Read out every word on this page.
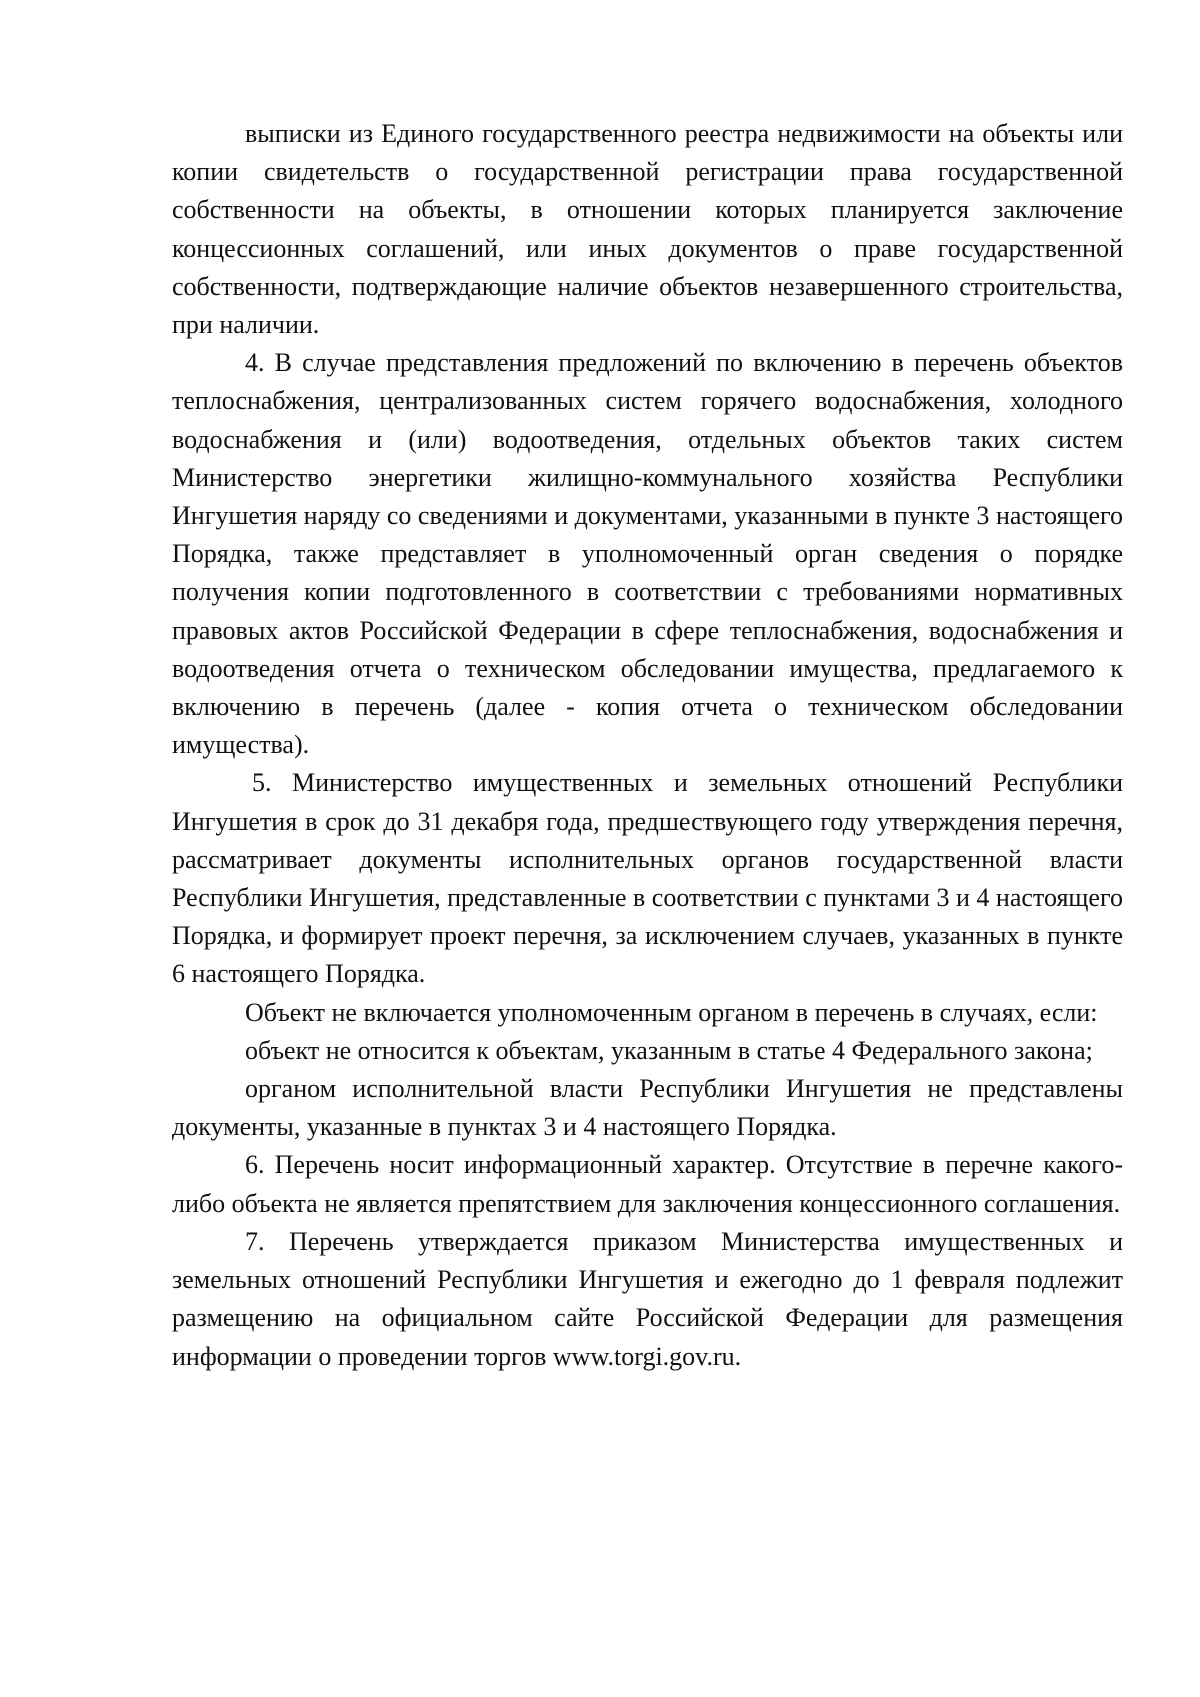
выписки из Единого государственного реестра недвижимости на объекты или копии свидетельств о государственной регистрации права государственной собственности на объекты, в отношении которых планируется заключение концессионных соглашений, или иных документов о праве государственной собственности, подтверждающие наличие объектов незавершенного строительства, при наличии.

4. В случае представления предложений по включению в перечень объектов теплоснабжения, централизованных систем горячего водоснабжения, холодного водоснабжения и (или) водоотведения, отдельных объектов таких систем Министерство энергетики жилищно-коммунального хозяйства Республики Ингушетия наряду со сведениями и документами, указанными в пункте 3 настоящего Порядка, также представляет в уполномоченный орган сведения о порядке получения копии подготовленного в соответствии с требованиями нормативных правовых актов Российской Федерации в сфере теплоснабжения, водоснабжения и водоотведения отчета о техническом обследовании имущества, предлагаемого к включению в перечень (далее - копия отчета о техническом обследовании имущества).

5. Министерство имущественных и земельных отношений Республики Ингушетия в срок до 31 декабря года, предшествующего году утверждения перечня, рассматривает документы исполнительных органов государственной власти Республики Ингушетия, представленные в соответствии с пунктами 3 и 4 настоящего Порядка, и формирует проект перечня, за исключением случаев, указанных в пункте 6 настоящего Порядка.

Объект не включается уполномоченным органом в перечень в случаях, если:

объект не относится к объектам, указанным в статье 4 Федерального закона;

органом исполнительной власти Республики Ингушетия не представлены документы, указанные в пунктах 3 и 4 настоящего Порядка.

6. Перечень носит информационный характер. Отсутствие в перечне какого-либо объекта не является препятствием для заключения концессионного соглашения.

7. Перечень утверждается приказом Министерства имущественных и земельных отношений Республики Ингушетия и ежегодно до 1 февраля подлежит размещению на официальном сайте Российской Федерации для размещения информации о проведении торгов www.torgi.gov.ru.
